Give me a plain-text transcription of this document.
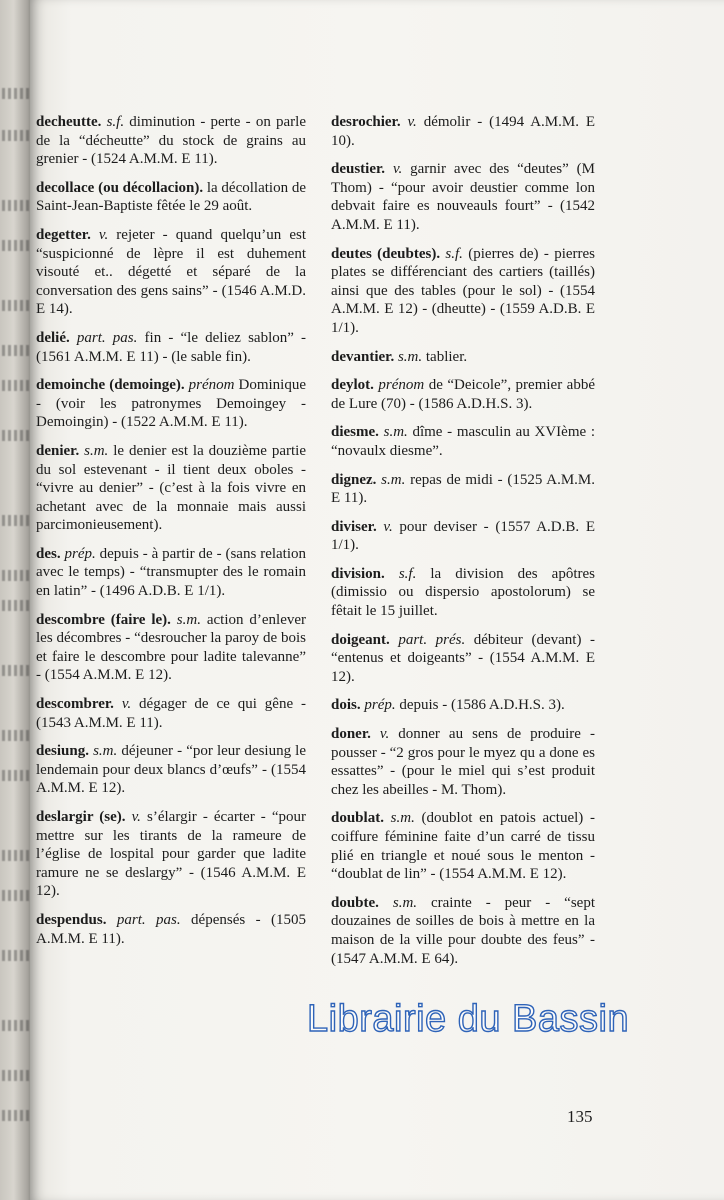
decheutte. s.f. diminution - perte - on parle de la “décheutte” du stock de grains au grenier - (1524 A.M.M. E 11).

decollace (ou décollacion). la décollation de Saint-Jean-Baptiste fêtée le 29 août.

degetter. v. rejeter - quand quelqu’un est “suspicionné de lèpre il est duhement visouté et.. dégetté et séparé de la conversation des gens sains” - (1546 A.M.D. E 14).

delié. part. pas. fin - “le deliez sablon” - (1561 A.M.M. E 11) - (le sable fin).

demoinche (demoinge). prénom Dominique - (voir les patronymes Demoingey - Demoingin) - (1522 A.M.M. E 11).

denier. s.m. le denier est la douzième partie du sol estevenant - il tient deux oboles - “vivre au denier” - (c’est à la fois vivre en achetant avec de la monnaie mais aussi parcimonieusement).

des. prép. depuis - à partir de - (sans relation avec le temps) - “transmupter des le romain en latin” - (1496 A.D.B. E 1/1).

descombre (faire le). s.m. action d’enlever les décombres - “desroucher la paroy de bois et faire le descombre pour ladite talevanne” - (1554 A.M.M. E 12).

descombrer. v. dégager de ce qui gêne - (1543 A.M.M. E 11).

desiung. s.m. déjeuner - “por leur desiung le lendemain pour deux blancs d’œufs” - (1554 A.M.M. E 12).

deslargir (se). v. s’élargir - écarter - “pour mettre sur les tirants de la rameure de l’église de lospital pour garder que ladite ramure ne se deslargy” - (1546 A.M.M. E 12).

despendus. part. pas. dépensés - (1505 A.M.M. E 11).

desrochier. v. démolir - (1494 A.M.M. E 10).

deustier. v. garnir avec des “deutes” (M Thom) - “pour avoir deustier comme lon debvait faire es nouveauls fourt” - (1542 A.M.M. E 11).

deutes (deubtes). s.f. (pierres de) - pierres plates se différenciant des cartiers (taillés) ainsi que des tables (pour le sol) - (1554 A.M.M. E 12) - (dheutte) - (1559 A.D.B. E 1/1).

devantier. s.m. tablier.

deylot. prénom de “Deicole”, premier abbé de Lure (70) - (1586 A.D.H.S. 3).

diesme. s.m. dîme - masculin au XVIème : “novaulx diesme”.

dignez. s.m. repas de midi - (1525 A.M.M. E 11).

diviser. v. pour deviser - (1557 A.D.B. E 1/1).

division. s.f. la division des apôtres (dimissio ou dispersio apostolorum) se fêtait le 15 juillet.

doigeant. part. prés. débiteur (devant) - “entenus et doigeants” - (1554 A.M.M. E 12).

dois. prép. depuis - (1586 A.D.H.S. 3).

doner. v. donner au sens de produire - pousser - “2 gros pour le myez qu a done es essattes” - (pour le miel qui s’est produit chez les abeilles - M. Thom).

doublat. s.m. (doublot en patois actuel) - coiffure féminine faite d’un carré de tissu plié en triangle et noué sous le menton - “doublat de lin” - (1554 A.M.M. E 12).

doubte. s.m. crainte - peur - “sept douzaines de soilles de bois à mettre en la maison de la ville pour doubte des feus” - (1547 A.M.M. E 64).

135
Librairie du Bassin
